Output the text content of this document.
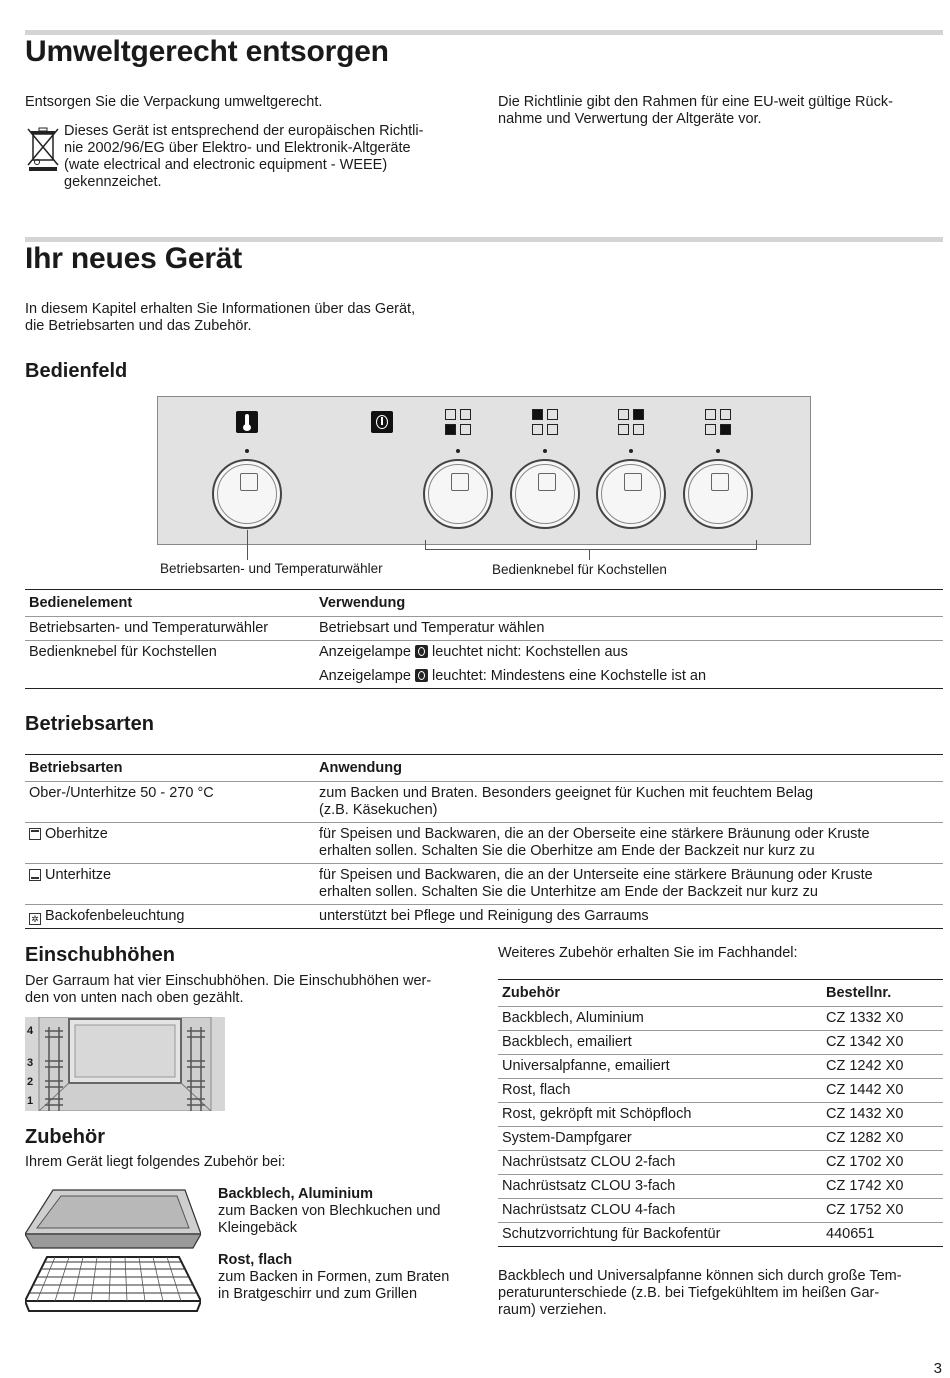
Umweltgerecht entsorgen

Entsorgen Sie die Verpackung umweltgerecht.

Dieses Gerät ist entsprechend der europäischen Richtli-
nie 2002/96/EG über Elektro- und Elektronik-Altgeräte
(wate electrical and electronic equipment - WEEE)
gekennzeichet.
Die Richtlinie gibt den Rahmen für eine EU-weit gültige Rück-
nahme und Verwertung der Altgeräte vor.
Ihr neues Gerät
In diesem Kapitel erhalten Sie Informationen über das Gerät,
die Betriebsarten und das Zubehör.
Bedienfeld
Betriebsarten- und Temperaturwähler	Bedienknebel für Kochstellen
Bedienelement	Verwendung
Betriebsarten- und Temperaturwähler	Betriebsart und Temperatur wählen
Bedienknebel für Kochstellen	Anzeigelampe leuchtet nicht: Kochstellen aus
Anzeigelampe leuchtet: Mindestens eine Kochstelle ist an
Betriebsarten
Betriebsarten	Anwendung
Ober-/Unterhitze 50 - 270 °C	zum Backen und Braten. Besonders geeignet für Kuchen mit feuchtem Belag
(z.B. Käsekuchen)

Oberhitze	für Speisen und Backwaren, die an der Oberseite eine stärkere Bräunung oder Kruste
erhalten sollen. Schalten Sie die Oberhitze am Ende der Backzeit nur kurz zu

Unterhitze	für Speisen und Backwaren, die an der Unterseite eine stärkere Bräunung oder Kruste
erhalten sollen. Schalten Sie die Unterhitze am Ende der Backzeit nur kurz zu

✲ Backofenbeleuchtung	unterstützt bei Pflege und Reinigung des Garraums
Einschubhöhen
Der Garraum hat vier Einschubhöhen. Die Einschubhöhen wer-
den von unten nach oben gezählt.
4
3
2
1
Zubehör
Ihrem Gerät liegt folgendes Zubehör bei:
Backblech, Aluminium
zum Backen von Blechkuchen und
Kleingebäck
Rost, flach
zum Backen in Formen, zum Braten
in Bratgeschirr und zum Grillen
Weiteres Zubehör erhalten Sie im Fachhandel:
Zubehör	Bestellnr.
Backblech, Aluminium	CZ 1332 X0
Backblech, emailiert	CZ 1342 X0
Universalpfanne, emailiert	CZ 1242 X0
Rost, flach	CZ 1442 X0
Rost, gekröpft mit Schöpfloch	CZ 1432 X0
System-Dampfgarer	CZ 1282 X0
Nachrüstsatz CLOU 2-fach	CZ 1702 X0
Nachrüstsatz CLOU 3-fach	CZ 1742 X0
Nachrüstsatz CLOU 4-fach	CZ 1752 X0
Schutzvorrichtung für Backofentür	440651
Backblech und Universalpfanne können sich durch große Tem-
peraturunterschiede (z.B. bei Tiefgekühltem im heißen Gar-
raum) verziehen.
3
